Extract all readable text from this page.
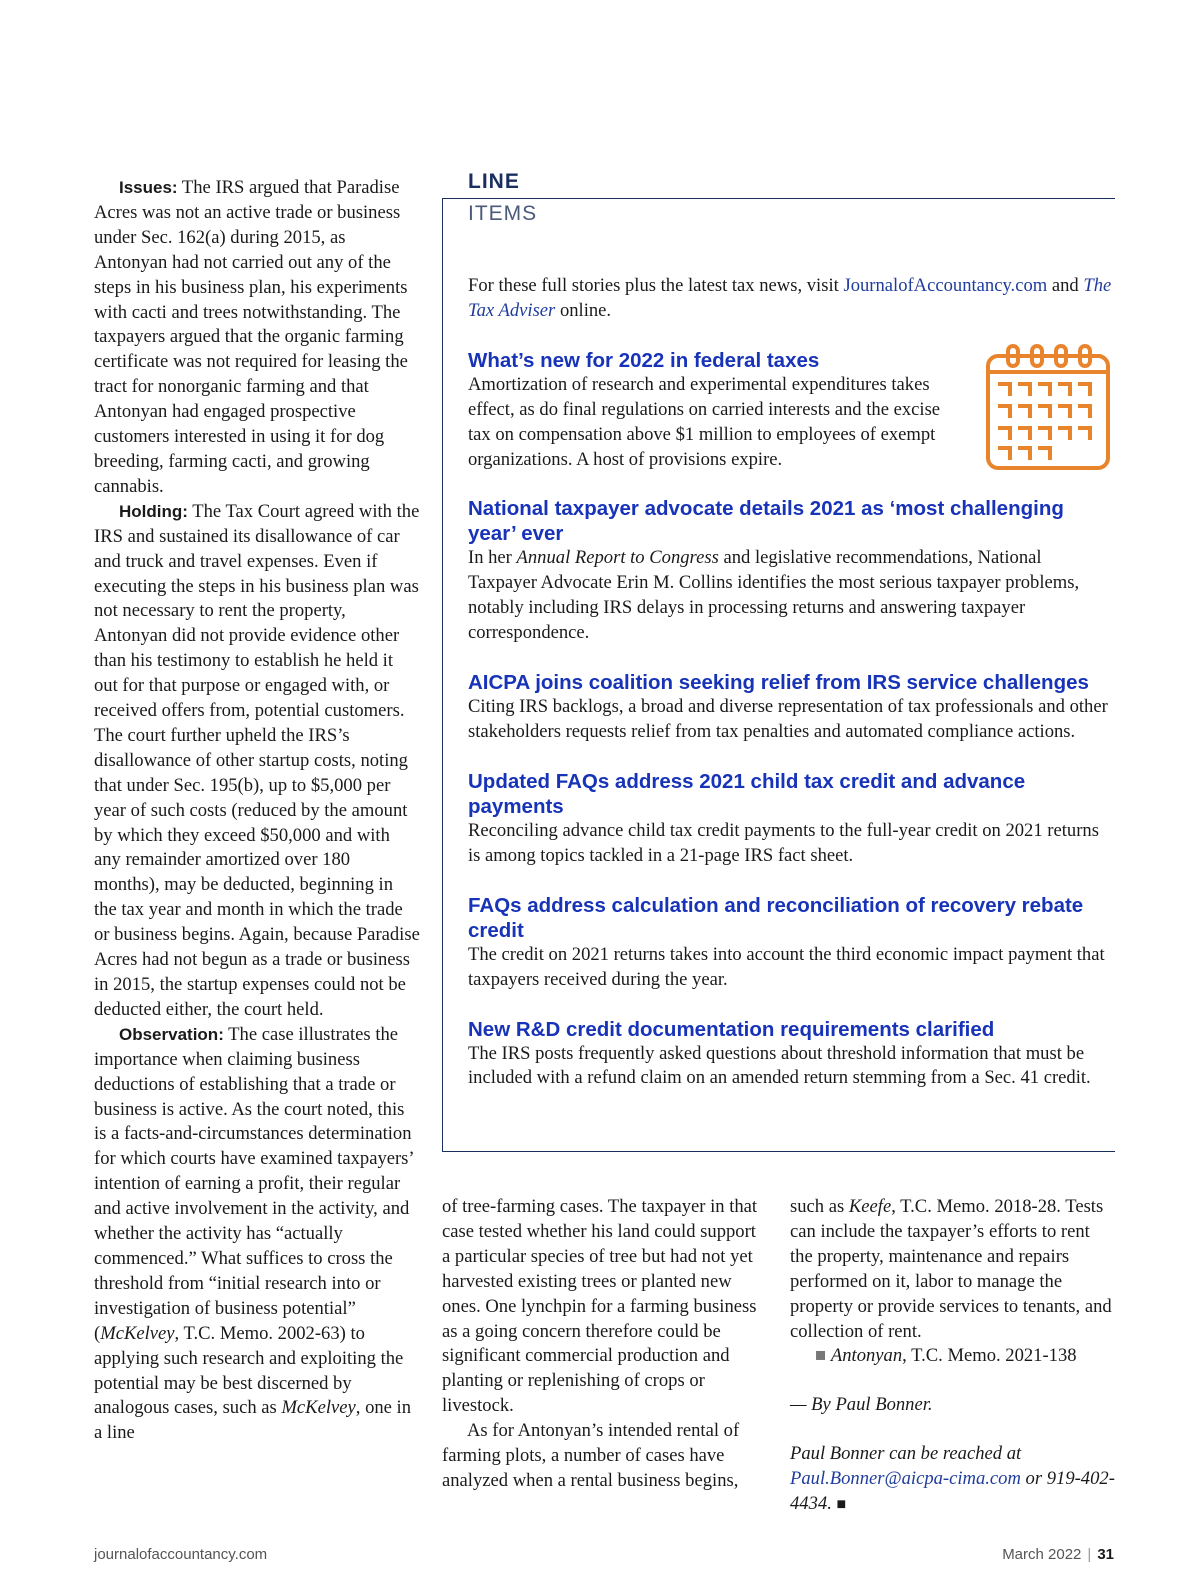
Issues: The IRS argued that Paradise Acres was not an active trade or business under Sec. 162(a) during 2015, as Antonyan had not carried out any of the steps in his business plan, his experiments with cacti and trees notwithstanding. The taxpayers argued that the organic farming certificate was not required for leasing the tract for nonorganic farming and that Antonyan had engaged prospective customers interested in using it for dog breeding, farming cacti, and growing cannabis.

Holding: The Tax Court agreed with the IRS and sustained its disallowance of car and truck and travel expenses. Even if executing the steps in his business plan was not necessary to rent the property, Antonyan did not provide evidence other than his testimony to establish he held it out for that purpose or engaged with, or received offers from, potential customers. The court further upheld the IRS’s disallowance of other startup costs, noting that under Sec. 195(b), up to $5,000 per year of such costs (reduced by the amount by which they exceed $50,000 and with any remainder amortized over 180 months), may be deducted, beginning in the tax year and month in which the trade or business begins. Again, because Paradise Acres had not begun as a trade or business in 2015, the startup expenses could not be deducted either, the court held.

Observation: The case illustrates the importance when claiming business deductions of establishing that a trade or business is active. As the court noted, this is a facts-and-circumstances determination for which courts have examined taxpayers’ intention of earning a profit, their regular and active involvement in the activity, and whether the activity has “actually commenced.” What suffices to cross the threshold from “initial research into or investigation of business potential” (McKelvey, T.C. Memo. 2002-63) to applying such research and exploiting the potential may be best discerned by analogous cases, such as McKelvey, one in a line

LINE
ITEMS

For these full stories plus the latest tax news, visit JournalofAccountancy.com and The Tax Adviser online.

What’s new for 2022 in federal taxes

Amortization of research and experimental expenditures takes effect, as do final regulations on carried interests and the excise tax on compensation above $1 million to employees of exempt organizations. A host of provisions expire.

National taxpayer advocate details 2021 as ‘most challenging year’ ever

In her Annual Report to Congress and legislative recommendations, National Taxpayer Advocate Erin M. Collins identifies the most serious taxpayer problems, notably including IRS delays in processing returns and answering taxpayer correspondence.

AICPA joins coalition seeking relief from IRS service challenges

Citing IRS backlogs, a broad and diverse representation of tax professionals and other stakeholders requests relief from tax penalties and automated compliance actions.

Updated FAQs address 2021 child tax credit and advance payments

Reconciling advance child tax credit payments to the full-year credit on 2021 returns is among topics tackled in a 21-page IRS fact sheet.

FAQs address calculation and reconciliation of recovery rebate credit

The credit on 2021 returns takes into account the third economic impact payment that taxpayers received during the year.

New R&D credit documentation requirements clarified

The IRS posts frequently asked questions about threshold information that must be included with a refund claim on an amended return stemming from a Sec. 41 credit.

of tree-farming cases. The taxpayer in that case tested whether his land could support a particular species of tree but had not yet harvested existing trees or planted new ones. One lynchpin for a farming business as a going concern therefore could be significant commercial production and planting or replenishing of crops or livestock.

As for Antonyan’s intended rental of farming plots, a number of cases have analyzed when a rental business begins,

such as Keefe, T.C. Memo. 2018-28. Tests can include the taxpayer’s efforts to rent the property, maintenance and repairs performed on it, labor to manage the property or provide services to tenants, and collection of rent.

■ Antonyan, T.C. Memo. 2021-138

— By Paul Bonner.

Paul Bonner can be reached at Paul.Bonner@aicpa-cima.com or 919-402-4434. ■

journalofaccountancy.com	March 2022 | 31
